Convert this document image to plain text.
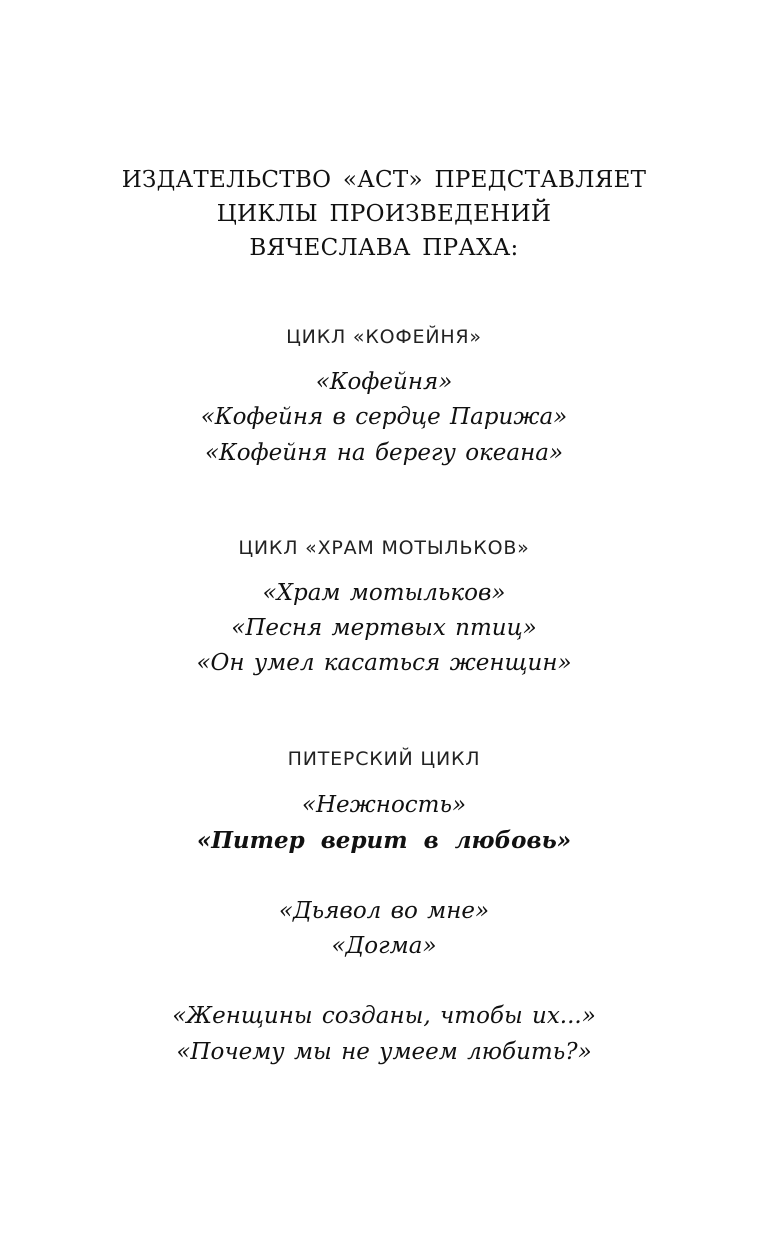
ИЗДАТЕЛЬСТВО «АСТ» ПРЕДСТАВЛЯЕТ
ЦИКЛЫ ПРОИЗВЕДЕНИЙ
ВЯЧЕСЛАВА ПРАХА:
ЦИКЛ «КОФЕЙНЯ»
«Кофейня»
«Кофейня в сердце Парижа»
«Кофейня на берегу океана»
ЦИКЛ «ХРАМ МОТЫЛЬКОВ»
«Храм мотыльков»
«Песня мертвых птиц»
«Он умел касаться женщин»
ПИТЕРСКИЙ ЦИКЛ
«Нежность»
«Питер верит в любовь»
«Дьявол во мне»
«Догма»
«Женщины созданы, чтобы их...»
«Почему мы не умеем любить?»
